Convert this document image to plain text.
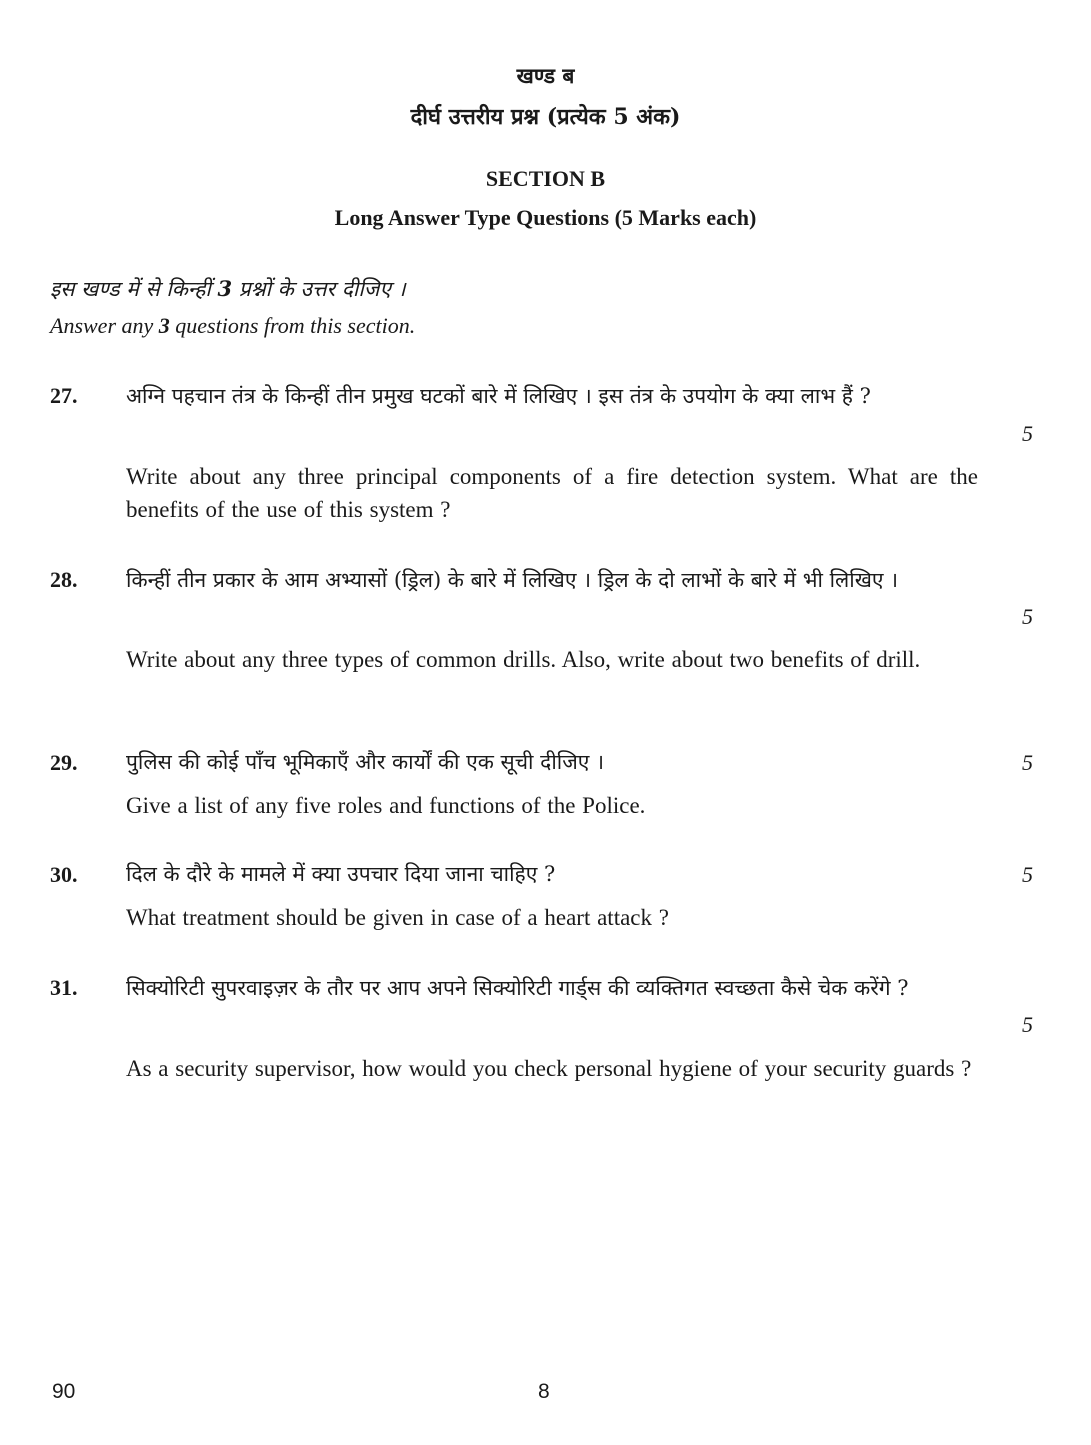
खण्ड ब
दीर्घ उत्तरीय प्रश्न (प्रत्येक 5 अंक)
SECTION B
Long Answer Type Questions (5 Marks each)
इस खण्ड में से किन्हीं 3 प्रश्नों के उत्तर दीजिए ।
Answer any 3 questions from this section.
27. अग्नि पहचान तंत्र के किन्हीं तीन प्रमुख घटकों बारे में लिखिए । इस तंत्र के उपयोग के क्या लाभ हैं ?
5
Write about any three principal components of a fire detection system. What are the benefits of the use of this system ?
28. किन्हीं तीन प्रकार के आम अभ्यासों (ड्रिल) के बारे में लिखिए । ड्रिल के दो लाभों के बारे में भी लिखिए ।
5
Write about any three types of common drills. Also, write about two benefits of drill.
29. पुलिस की कोई पाँच भूमिकाएँ और कार्यों की एक सूची दीजिए ।	5
Give a list of any five roles and functions of the Police.
30. दिल के दौरे के मामले में क्या उपचार दिया जाना चाहिए ?	5
What treatment should be given in case of a heart attack ?
31. सिक्योरिटी सुपरवाइज़र के तौर पर आप अपने सिक्योरिटी गार्ड्स की व्यक्तिगत स्वच्छता कैसे चेक करेंगे ?
5
As a security supervisor, how would you check personal hygiene of your security guards ?
90	8
